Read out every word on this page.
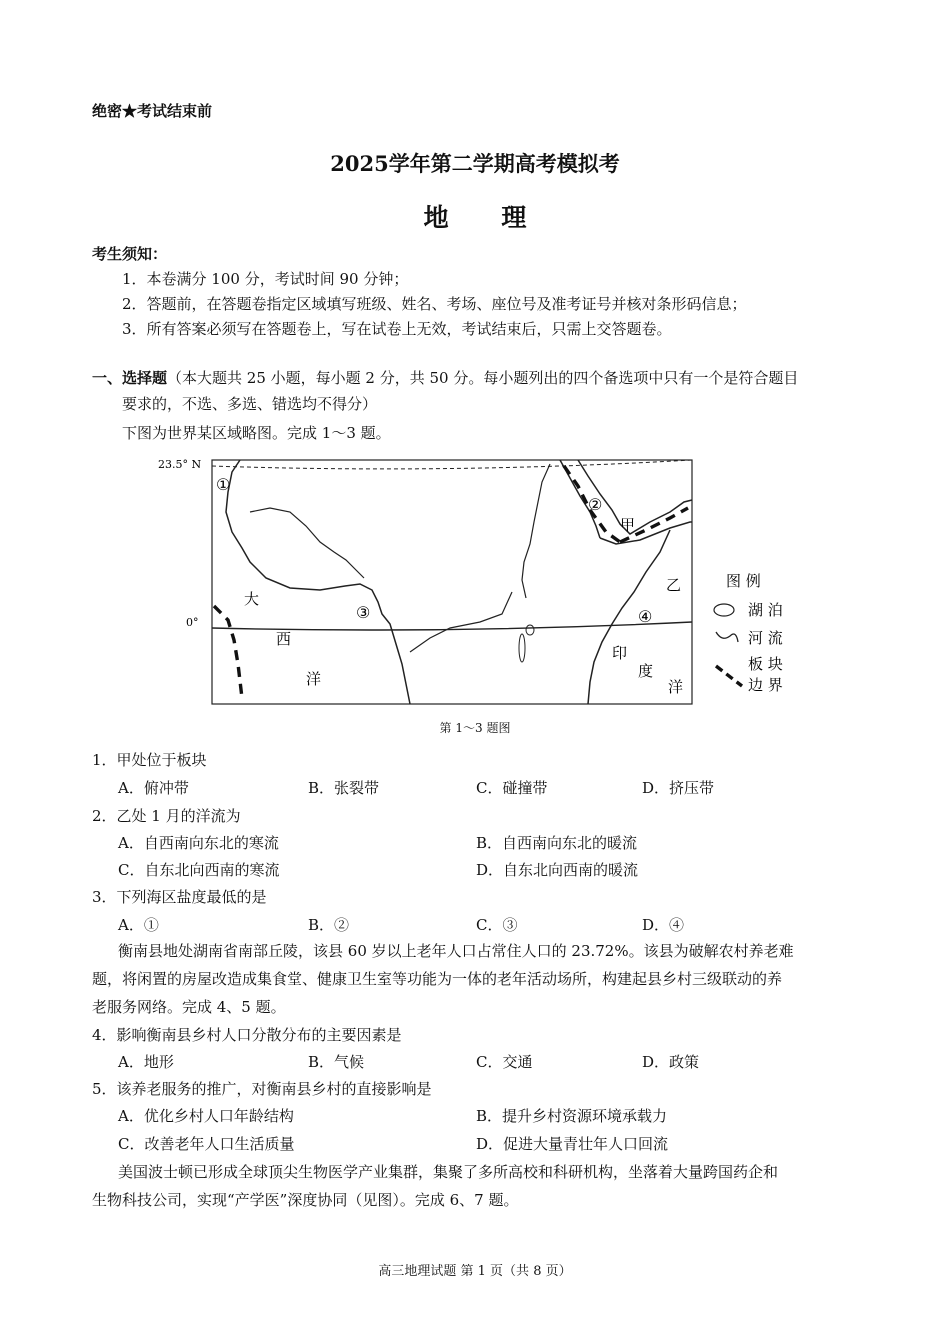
绝密★考试结束前
2025学年第二学期高考模拟考
地 理
考生须知：
1．本卷满分 100 分，考试时间 90 分钟；
2．答题前，在答题卷指定区域填写班级、姓名、考场、座位号及准考证号并核对条形码信息；
3．所有答案必须写在答题卷上，写在试卷上无效，考试结束后，只需上交答题卷。
一、选择题（本大题共 25 小题，每小题 2 分，共 50 分。每小题列出的四个备选项中只有一个是符合题目
要求的，不选、多选、错选均不得分）
下图为世界某区域略图。完成 1～3 题。
23.5° N
0°
①
②
③	④
甲
乙
大
西
洋
印
度
洋
图 例
湖 泊
河 流
板 块
边 界
第 1～3 题图
1．甲处位于板块
A．俯冲带	B．张裂带	C．碰撞带	D．挤压带
2．乙处 1 月的洋流为
A．自西南向东北的寒流	B．自西南向东北的暖流
C．自东北向西南的寒流	D．自东北向西南的暖流
3．下列海区盐度最低的是
A．①	B．②	C．③	D．④
衡南县地处湖南省南部丘陵，该县 60 岁以上老年人口占常住人口的 23.72%。该县为破解农村养老难
题，将闲置的房屋改造成集食堂、健康卫生室等功能为一体的老年活动场所，构建起县乡村三级联动的养
老服务网络。完成 4、5 题。
4．影响衡南县乡村人口分散分布的主要因素是
A．地形	B．气候	C．交通	D．政策
5．该养老服务的推广，对衡南县乡村的直接影响是
A．优化乡村人口年龄结构	B．提升乡村资源环境承载力
C．改善老年人口生活质量	D．促进大量青壮年人口回流
美国波士顿已形成全球顶尖生物医学产业集群，集聚了多所高校和科研机构，坐落着大量跨国药企和
生物科技公司，实现“产学医”深度协同（见图）。完成 6、7 题。
高三地理试题 第 1 页（共 8 页）
